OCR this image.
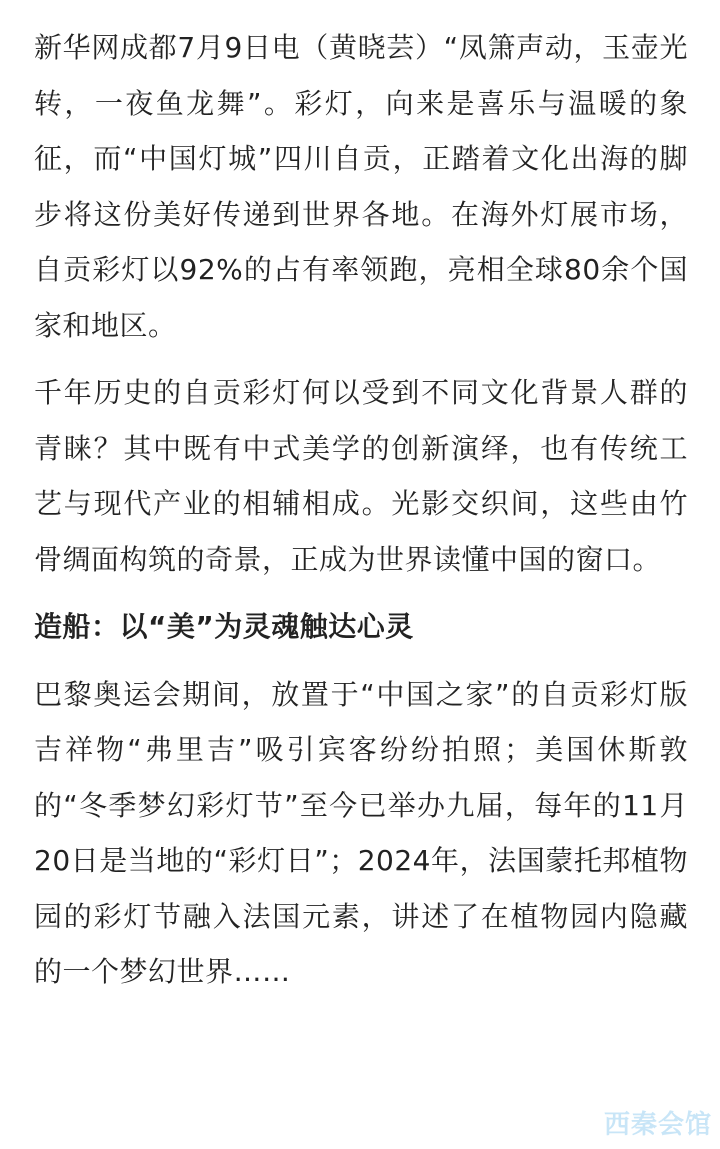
新华网成都7月9日电（黄晓芸）“凤箫声动，玉壶光转，一夜鱼龙舞”。彩灯，向来是喜乐与温暖的象征，而“中国灯城”四川自贡，正踏着文化出海的脚步将这份美好传递到世界各地。在海外灯展市场，自贡彩灯以92%的占有率领跑，亮相全球80余个国家和地区。

千年历史的自贡彩灯何以受到不同文化背景人群的青睐？其中既有中式美学的创新演绎，也有传统工艺与现代产业的相辅相成。光影交织间，这些由竹骨绸面构筑的奇景，正成为世界读懂中国的窗口。

造船：以“美”为灵魂触达心灵

巴黎奥运会期间，放置于“中国之家”的自贡彩灯版吉祥物“弗里吉”吸引宾客纷纷拍照；美国休斯敦的“冬季梦幻彩灯节”至今已举办九届，每年的11月20日是当地的“彩灯日”；2024年，法国蒙托邦植物园的彩灯节融入法国元素，讲述了在植物园内隐藏的一个梦幻世界……

西秦会馆
